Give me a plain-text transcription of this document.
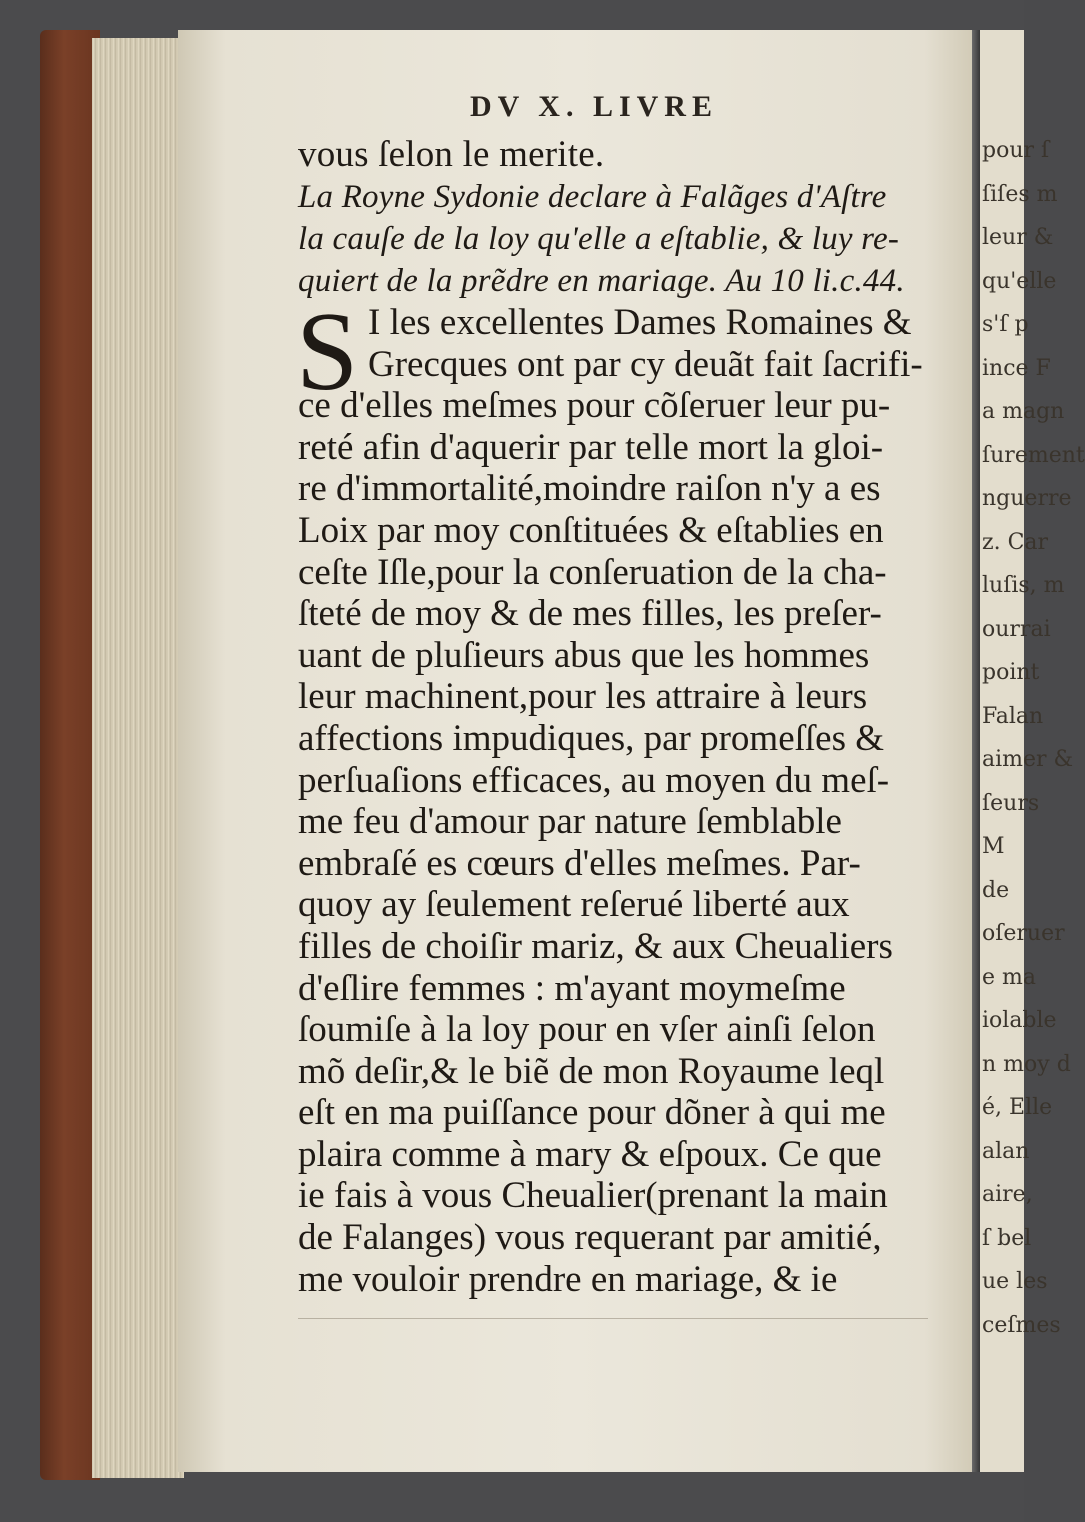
pour ſ
ſiſes m
leur &
qu'elle
s'ſ p
ince F
a magn
ſurement
nguerre
z. Car
luſis, m
ourrai
point
Falan
aimer &
ſeurs
M
de
oſeruer
e ma
iolable
n moy d
é, Elle
alan
aire,
ſ bel
ue les
ceſmes
DV X. LIVRE
vous ſelon le merite.
La Royne Sydonie declare à Falãges d'Aſtre
la cauſe de la loy qu'elle a eſtablie, & luy re-
quiert de la prẽdre en mariage. Au 10 li.c.44.
I les excellentes Dames Romaines &
Grecques ont par cy deuãt fait ſacrifi-
ce d'elles meſmes pour cõſeruer leur pu-
reté afin d'aquerir par telle mort la gloi-
re d'immortalité,moindre raiſon n'y a es
Loix par moy conſtituées & eſtablies en
ceſte Iſle,pour la conſeruation de la cha-
ſteté de moy & de mes filles, les preſer-
uant de pluſieurs abus que les hommes
leur machinent,pour les attraire à leurs
affections impudiques, par promeſſes &
perſuaſions efficaces, au moyen du meſ-
me feu d'amour par nature ſemblable
embraſé es cœurs d'elles meſmes. Par-
quoy ay ſeulement reſerué liberté aux
filles de choiſir mariz, & aux Cheualiers
d'eſlire femmes : m'ayant moymeſme
ſoumiſe à la loy pour en vſer ainſi ſelon
mõ deſir,& le biẽ de mon Royaume leql
eſt en ma puiſſance pour dõner à qui me
plaira comme à mary & eſpoux. Ce que
ie fais à vous Cheualier(prenant la main
de Falanges) vous requerant par amitié,
me vouloir prendre en mariage, & ie
S
